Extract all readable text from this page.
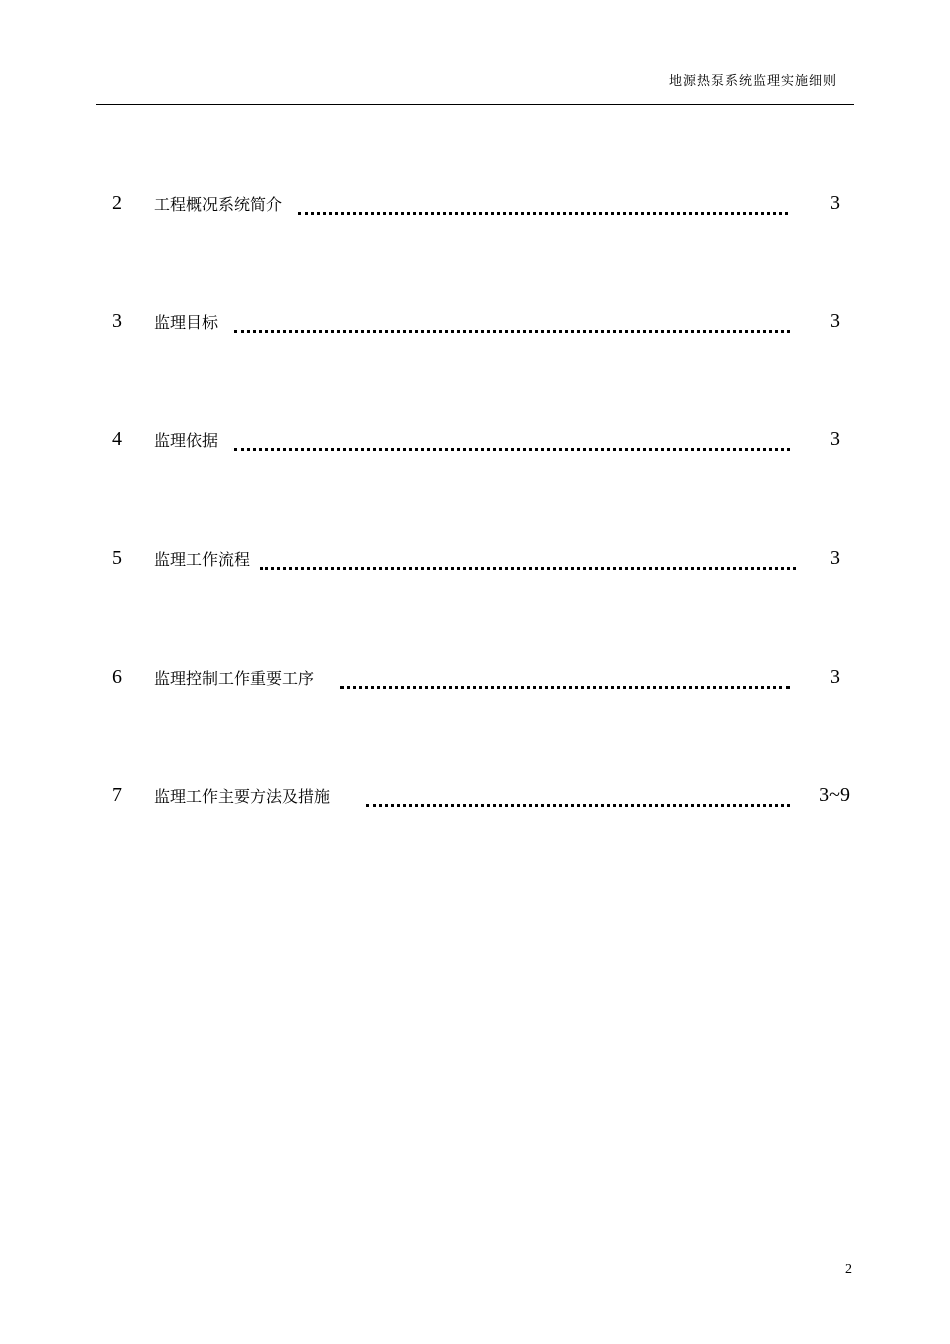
地源热泵系统监理实施细则
2 工程概况系统简介	3
3 监理目标	3
4 监理依据	3
5 监理工作流程	3
6 监理控制工作重要工序	3
7 监理工作主要方法及措施	3~9
2
